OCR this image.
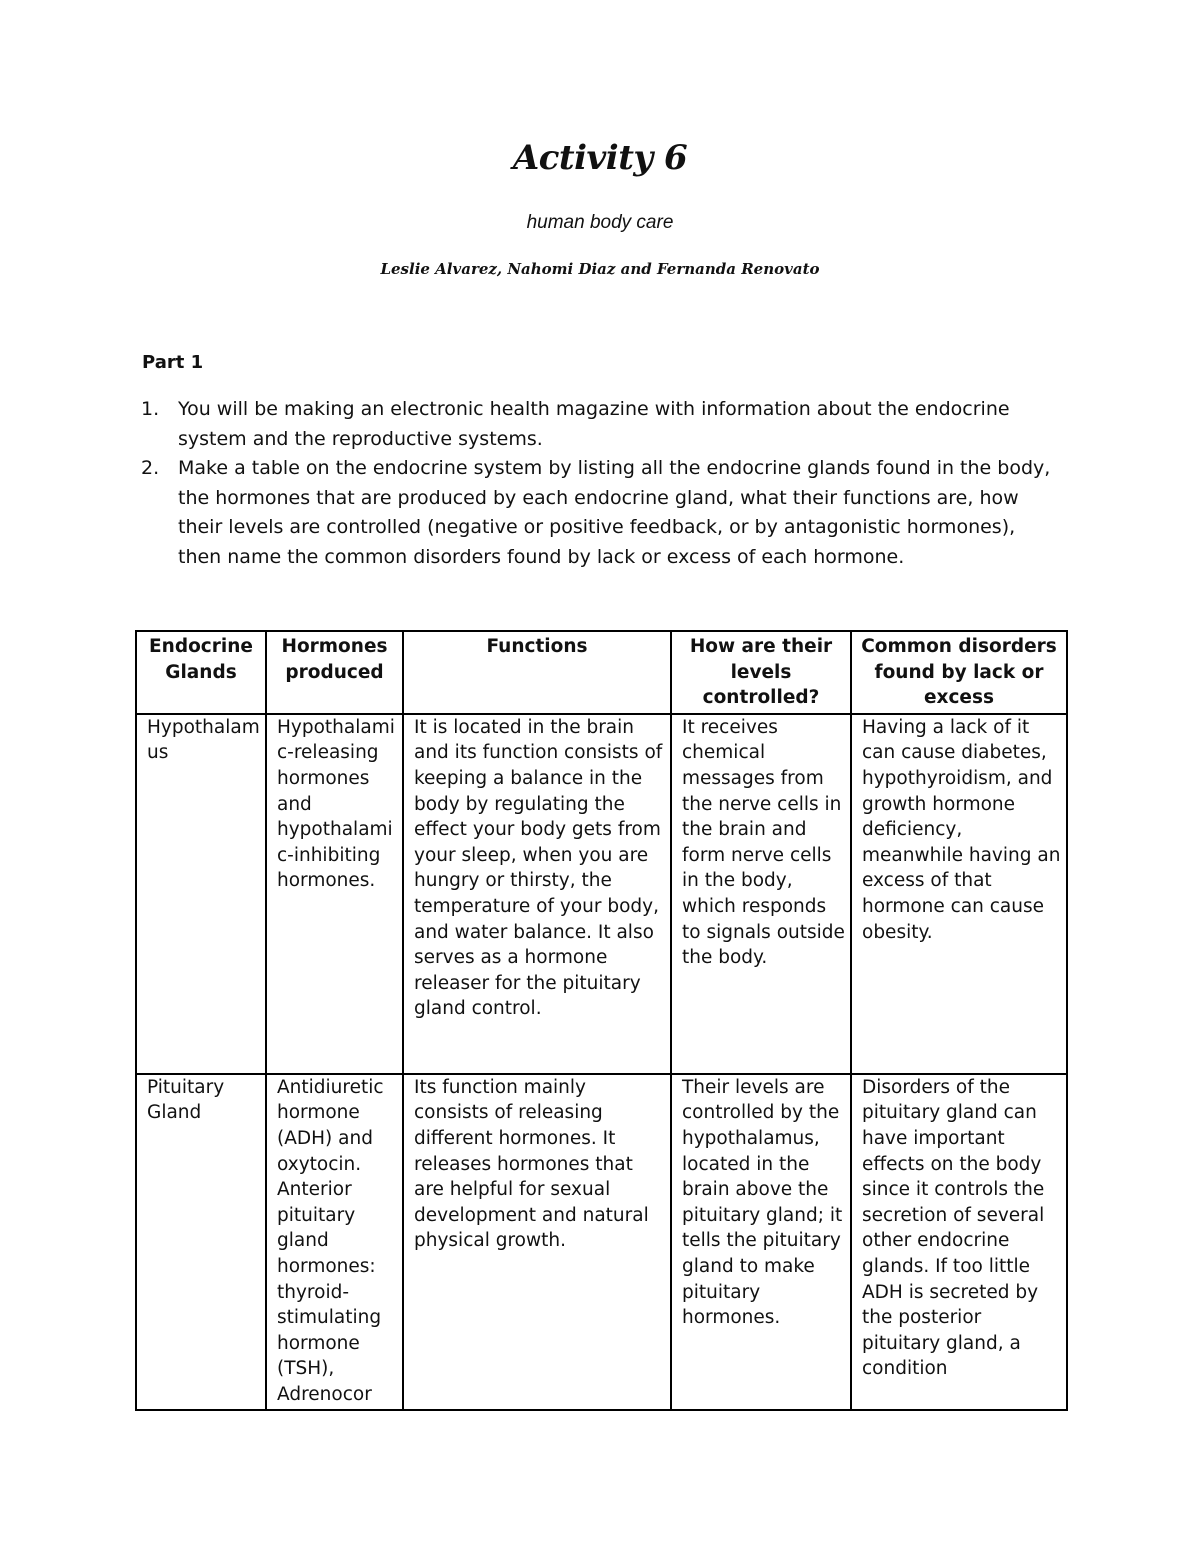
Activity 6
human body care
Leslie Alvarez, Nahomi Diaz and Fernanda Renovato
Part 1
1. You will be making an electronic health magazine with information about the endocrine system and the reproductive systems.
2. Make a table on the endocrine system by listing all the endocrine glands found in the body, the hormones that are produced by each endocrine gland, what their functions are, how their levels are controlled (negative or positive feedback, or by antagonistic hormones), then name the common disorders found by lack or excess of each hormone.
Endocrine Glands	Hormones produced	Functions	How are their levels controlled?	Common disorders found by lack or excess
Hypothalamus	Hypothalamic-releasing hormones and hypothalamic-inhibiting hormones.	It is located in the brain and its function consists of keeping a balance in the body by regulating the effect your body gets from your sleep, when you are hungry or thirsty, the temperature of your body, and water balance. It also serves as a hormone releaser for the pituitary gland control.	It receives chemical messages from the nerve cells in the brain and form nerve cells in the body, which responds to signals outside the body.	Having a lack of it can cause diabetes, hypothyroidism, and growth hormone deficiency, meanwhile having an excess of that hormone can cause obesity.
Pituitary Gland	Antidiuretic hormone (ADH) and oxytocin. Anterior pituitary gland hormones: thyroid-stimulating hormone (TSH), Adrenocor	Its function mainly consists of releasing different hormones. It releases hormones that are helpful for sexual development and natural physical growth.	Their levels are controlled by the hypothalamus, located in the brain above the pituitary gland; it tells the pituitary gland to make pituitary hormones.	Disorders of the pituitary gland can have important effects on the body since it controls the secretion of several other endocrine glands. If too little ADH is secreted by the posterior pituitary gland, a condition
